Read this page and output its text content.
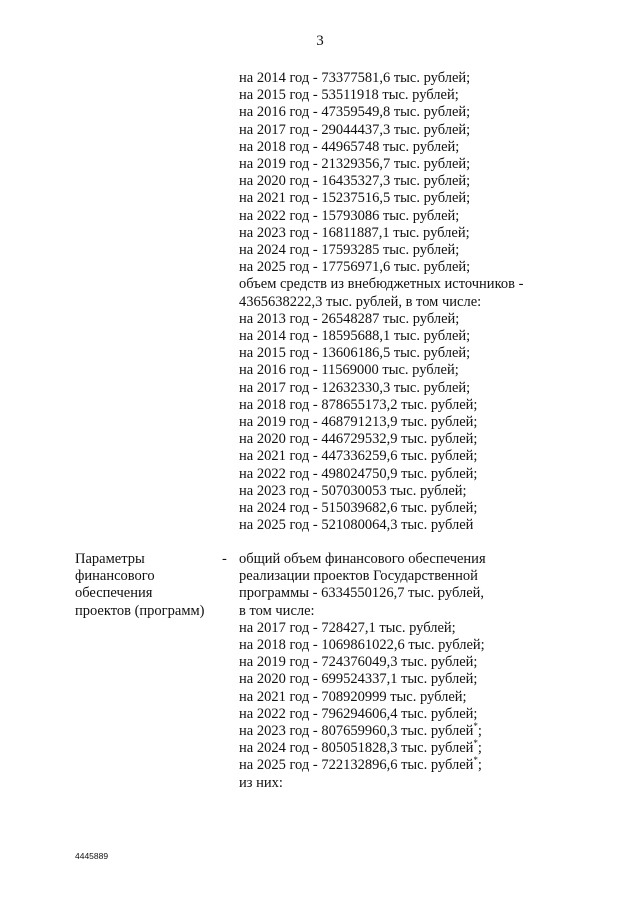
3
на 2014 год - 73377581,6 тыс. рублей;
на 2015 год - 53511918 тыс. рублей;
на 2016 год - 47359549,8 тыс. рублей;
на 2017 год - 29044437,3 тыс. рублей;
на 2018 год - 44965748 тыс. рублей;
на 2019 год - 21329356,7 тыс. рублей;
на 2020 год - 16435327,3 тыс. рублей;
на 2021 год - 15237516,5 тыс. рублей;
на 2022 год - 15793086 тыс. рублей;
на 2023 год - 16811887,1 тыс. рублей;
на 2024 год - 17593285 тыс. рублей;
на 2025 год - 17756971,6 тыс. рублей;
объем средств из внебюджетных источников -
4365638222,3 тыс. рублей, в том числе:
на 2013 год - 26548287 тыс. рублей;
на 2014 год - 18595688,1 тыс. рублей;
на 2015 год - 13606186,5 тыс. рублей;
на 2016 год - 11569000 тыс. рублей;
на 2017 год - 12632330,3 тыс. рублей;
на 2018 год - 878655173,2 тыс. рублей;
на 2019 год - 468791213,9 тыс. рублей;
на 2020 год - 446729532,9 тыс. рублей;
на 2021 год - 447336259,6 тыс. рублей;
на 2022 год - 498024750,9 тыс. рублей;
на 2023 год - 507030053 тыс. рублей;
на 2024 год - 515039682,6 тыс. рублей;
на 2025 год - 521080064,3 тыс. рублей
Параметры
финансового
обеспечения
проектов (программ)
- общий объем финансового обеспечения
реализации проектов Государственной
программы - 6334550126,7 тыс. рублей,
в том числе:
на 2017 год - 728427,1 тыс. рублей;
на 2018 год - 1069861022,6 тыс. рублей;
на 2019 год - 724376049,3 тыс. рублей;
на 2020 год - 699524337,1 тыс. рублей;
на 2021 год - 708920999 тыс. рублей;
на 2022 год - 796294606,4 тыс. рублей;
на 2023 год - 807659960,3 тыс. рублей*;
на 2024 год - 805051828,3 тыс. рублей*;
на 2025 год - 722132896,6 тыс. рублей*;
из них:
4445889
